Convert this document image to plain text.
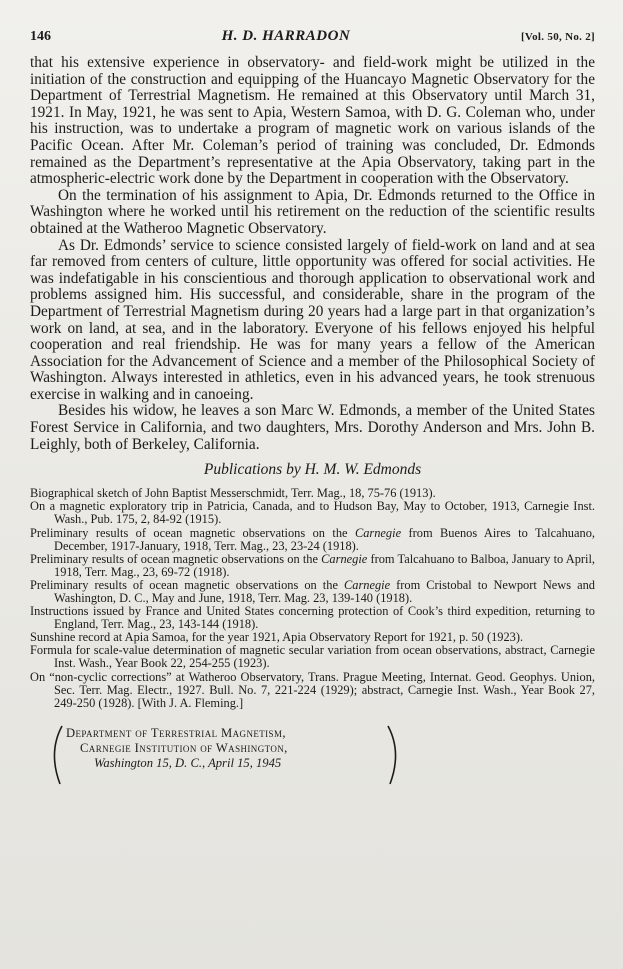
146	H. D. HARRADON	[Vol. 50, No. 2]

that his extensive experience in observatory- and field-work might be utilized in the initiation of the construction and equipping of the Huancayo Magnetic Observatory for the Department of Terrestrial Magnetism. He remained at this Observatory until March 31, 1921. In May, 1921, he was sent to Apia, Western Samoa, with D. G. Coleman who, under his instruction, was to undertake a program of magnetic work on various islands of the Pacific Ocean. After Mr. Coleman’s period of training was concluded, Dr. Edmonds remained as the Department’s representative at the Apia Observatory, taking part in the atmospheric-electric work done by the Department in cooperation with the Observatory.

On the termination of his assignment to Apia, Dr. Edmonds returned to the Office in Washington where he worked until his retirement on the reduction of the scientific results obtained at the Watheroo Magnetic Observatory.

As Dr. Edmonds’ service to science consisted largely of field-work on land and at sea far removed from centers of culture, little opportunity was offered for social activities. He was indefatigable in his conscientious and thorough application to observational work and problems assigned him. His successful, and considerable, share in the program of the Department of Terrestrial Magnetism during 20 years had a large part in that organization’s work on land, at sea, and in the laboratory. Everyone of his fellows enjoyed his helpful cooperation and real friendship. He was for many years a fellow of the American Association for the Advancement of Science and a member of the Philosophical Society of Washington. Always interested in athletics, even in his advanced years, he took strenuous exercise in walking and in canoeing.

Besides his widow, he leaves a son Marc W. Edmonds, a member of the United States Forest Service in California, and two daughters, Mrs. Dorothy Anderson and Mrs. John B. Leighly, both of Berkeley, California.

Publications by H. M. W. Edmonds
Biographical sketch of John Baptist Messerschmidt, Terr. Mag., 18, 75-76 (1913).
On a magnetic exploratory trip in Patricia, Canada, and to Hudson Bay, May to October, 1913, Carnegie Inst. Wash., Pub. 175, 2, 84-92 (1915).
Preliminary results of ocean magnetic observations on the Carnegie from Buenos Aires to Talcahuano, December, 1917-January, 1918, Terr. Mag., 23, 23-24 (1918).
Preliminary results of ocean magnetic observations on the Carnegie from Talcahuano to Balboa, January to April, 1918, Terr. Mag., 23, 69-72 (1918).
Preliminary results of ocean magnetic observations on the Carnegie from Cristobal to Newport News and Washington, D. C., May and June, 1918, Terr. Mag. 23, 139-140 (1918).
Instructions issued by France and United States concerning protection of Cook’s third expedition, returning to England, Terr. Mag., 23, 143-144 (1918).
Sunshine record at Apia Samoa, for the year 1921, Apia Observatory Report for 1921, p. 50 (1923).
Formula for scale-value determination of magnetic secular variation from ocean observations, abstract, Carnegie Inst. Wash., Year Book 22, 254-255 (1923).
On “non-cyclic corrections” at Watheroo Observatory, Trans. Prague Meeting, Internat. Geod. Geophys. Union, Sec. Terr. Mag. Electr., 1927. Bull. No. 7, 221-224 (1929); abstract, Carnegie Inst. Wash., Year Book 27, 249-250 (1928). [With J. A. Fleming.]
Department of Terrestrial Magnetism,
Carnegie Institution of Washington,
Washington 15, D. C., April 15, 1945
